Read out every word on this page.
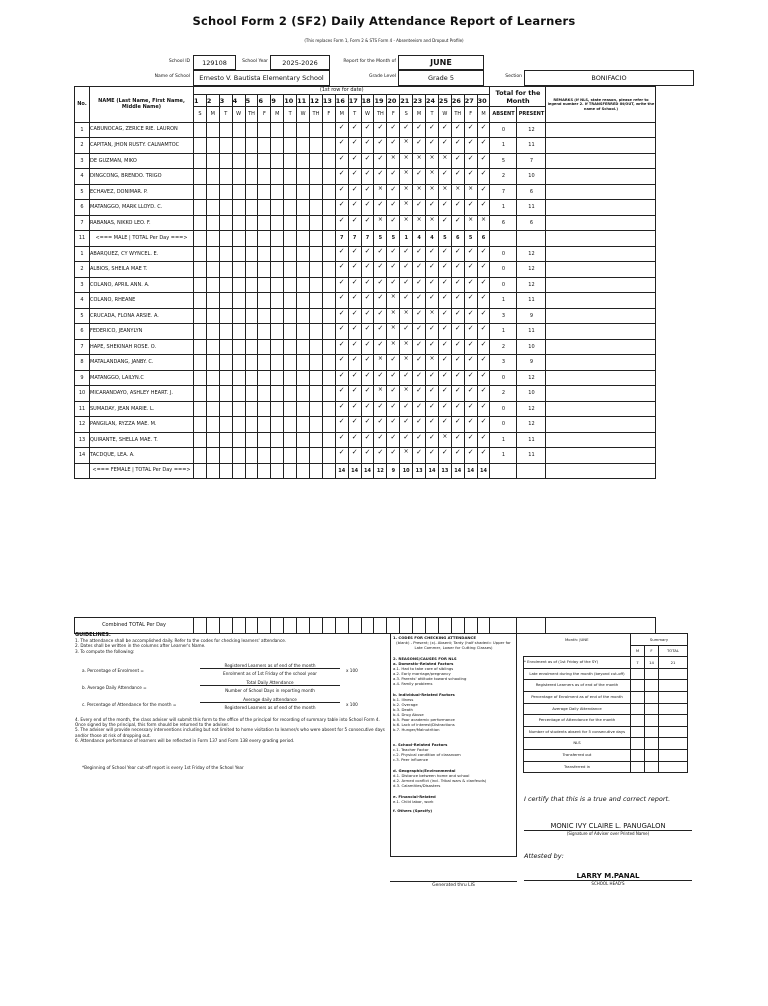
School Form 2 (SF2) Daily Attendance Report of Learners
(This replaces Form 1, Form 2 & STS Form 4 - Absenteeism and Dropout Profile)
School ID	129108	School Year	2025-2026	Report for the Month of	JUNE
Name of School	Ernesto V. Bautista Elementary School	Grade Level	Grade 5	Section	BONIFACIO
No.	NAME (Last Name, First Name, Middle Name)	(1st row for date)																							Total for the Month		REMARKS (If NLS, state reason, please refer to legend number 2. If TRANSFERRED IN/OUT, write the name of School.)
		1	2	3	4	5	6	9	10	11	12	13	16	17	18	19	20	21	23	24	25	26	27	30			
		S	M	T	W	TH	F	M	T	W	TH	F	M	T	W	TH	F	S	M	T	W	TH	F	M	ABSENT	PRESENT	
1	CABUNOCAG, ZERICE RIE. LAURON												✓	✓	✓	✓	✓	✓	✓	✓	✓	✓	✓	✓	0	12	
2	CAPITAN, JHON RUSTY. CALNAMTOC												✓	✓	✓	✓	✓	×	✓	✓	✓	✓	✓	✓	1	11	
3	DE GUZMAN, MIKO												✓	✓	✓	✓	×	×	×	×	×	✓	✓	✓	5	7	
4	DINGCONG, BRENDO. TRIGO												✓	✓	✓	✓	✓	×	✓	×	✓	✓	✓	✓	2	10	
5	ECHAVEZ, DONIMAR. P.												✓	✓	✓	×	✓	×	×	×	×	×	×	✓	7	6	
6	MATANGGO, MARK LLOYD. C.												✓	✓	✓	✓	✓	×	✓	✓	✓	✓	✓	✓	1	11	
7	RABANAS, NIKKO LEO. F.												✓	✓	✓	×	✓	×	×	×	✓	✓	×	×	6	6	
11	<=== MALE | TOTAL Per Day ===>												7	7	7	5	5	1	4	4	5	6	5	6			
1	ABARQUEZ, CY WYNCEL. E.												✓	✓	✓	✓	✓	✓	✓	✓	✓	✓	✓	✓	0	12	
2	ALBIOS, SHEILA MAE T.												✓	✓	✓	✓	✓	✓	✓	✓	✓	✓	✓	✓	0	12	
3	COLANO, APRIL ANN. A.												✓	✓	✓	✓	✓	✓	✓	✓	✓	✓	✓	✓	0	12	
4	COLANO, RHEANE												✓	✓	✓	✓	×	✓	✓	✓	✓	✓	✓	✓	1	11	
5	CRUCADA, FLONA ARSIE. A.												✓	✓	✓	✓	×	×	✓	×	✓	✓	✓	✓	3	9	
6	FEDERICO, JEANYLYN												✓	✓	✓	✓	×	✓	✓	✓	✓	✓	✓	✓	1	11	
7	HAPE, SHEKINAH ROSE. O.												✓	✓	✓	✓	×	×	✓	✓	✓	✓	✓	✓	2	10	
8	MATALANDANG, JANBY. C.												✓	✓	✓	×	✓	×	✓	×	✓	✓	✓	✓	3	9	
9	MATANGGO, LAILYN.C												✓	✓	✓	✓	✓	✓	✓	✓	✓	✓	✓	✓	0	12	
10	MICARANDAYO, ASHLEY HEART. J.												✓	✓	✓	×	✓	×	✓	✓	✓	✓	✓	✓	2	10	
11	SUMADAY, JEAN MARIE. L.												✓	✓	✓	✓	✓	✓	✓	✓	✓	✓	✓	✓	0	12	
12	PANGILAN, RYZZA MAE. M.												✓	✓	✓	✓	✓	✓	✓	✓	✓	✓	✓	✓	0	12	
13	QUIRANTE, SHELLA MAE. T.												✓	✓	✓	✓	✓	✓	✓	✓	×	✓	✓	✓	1	11	
14	TACDQUE, LEA. A.												✓	✓	✓	✓	✓	×	✓	✓	✓	✓	✓	✓	1	11	
	<=== FEMALE | TOTAL Per Day ===>												14	14	14	12	9	10	13	14	13	14	14	14			
Combined TOTAL Per Day																										
GUIDELINES:
1. The attendance shall be accomplished daily. Refer to the codes for checking learners' attendance.
2. Dates shall be written in the columns after Learner's Name.
3. To compute the following:
a. Percentage of Enrolment =
Registered Learners as of end of the month
Enrolment as of 1st Friday of the school year
x 100
b. Average Daily Attendance =
Total Daily Attendance
Number of School Days in reporting month
c. Percentage of Attendance for the month =
Average daily attendance
Registered Learners as of end of the month
x 100
4. Every end of the month, the class adviser will submit this form to the office of the principal for recording of summary table into School Form 4. Once signed by the principal, this form should be returned to the adviser.
5. The adviser will provide necessary interventions including but not limited to home visitation to learner/s who were absent for 5 consecutive days and/or those at risk of dropping out.
6. Attendance performance of learners will be reflected in Form 137 and Form 138 every grading period.
*Beginning of School Year cut-off report is every 1st Friday of the School Year
1. CODES FOR CHECKING ATTENDANCE
(blank) - Present; (x)- Absent; Tardy (half shaded= Upper for Late Commer, Lower for Cutting Classes)
2. REASONS/CAUSES FOR NLS
a. Domestic-Related Factors
a.1. Had to take care of siblings
a.2. Early marriage/pregnancy
a.3. Parents' attitude toward schooling
a.4. Family problems
b. Individual-Related Factors
b.1. Illness
b.2. Overage
b.3. Death
b.4. Drug Abuse
b.5. Poor academic performance
b.6. Lack of interest/Distractions
b.7. Hunger/Malnutrition
c. School-Related Factors
c.1. Teacher Factor
c.2. Physical condition of classroom
c.3. Peer influence
d. Geographic/Environmental
d.1. Distance between home and school
d.2. Armed conflict (incl. Tribal wars & clanfeuds)
d.3. Calamities/Disasters
e. Financial-Related
e.1. Child labor, work
f. Others (Specify)
Month: JUNE	Summary		
	M	F	TOTAL
* Enrolment as of (1st Friday of the SY)	7	14	21
Late enrolment during the month (beyond cut-off)			
Registered Learners as of end of the month			
Percentage of Enrolment as of end of the month			
Average Daily Attendance			
Percentage of Attendance for the month			
Number of students absent for 5 consecutive days			
NLS			
Transferred out			
Transferred in			
I certify that this is a true and correct report.
MONIC IVY CLAIRE L. PANUGALON
(Signature of Adviser over Printed Name)
Attested by:
LARRY M.PANAL
SCHOOL HEAD'S
Generated thru LIS
